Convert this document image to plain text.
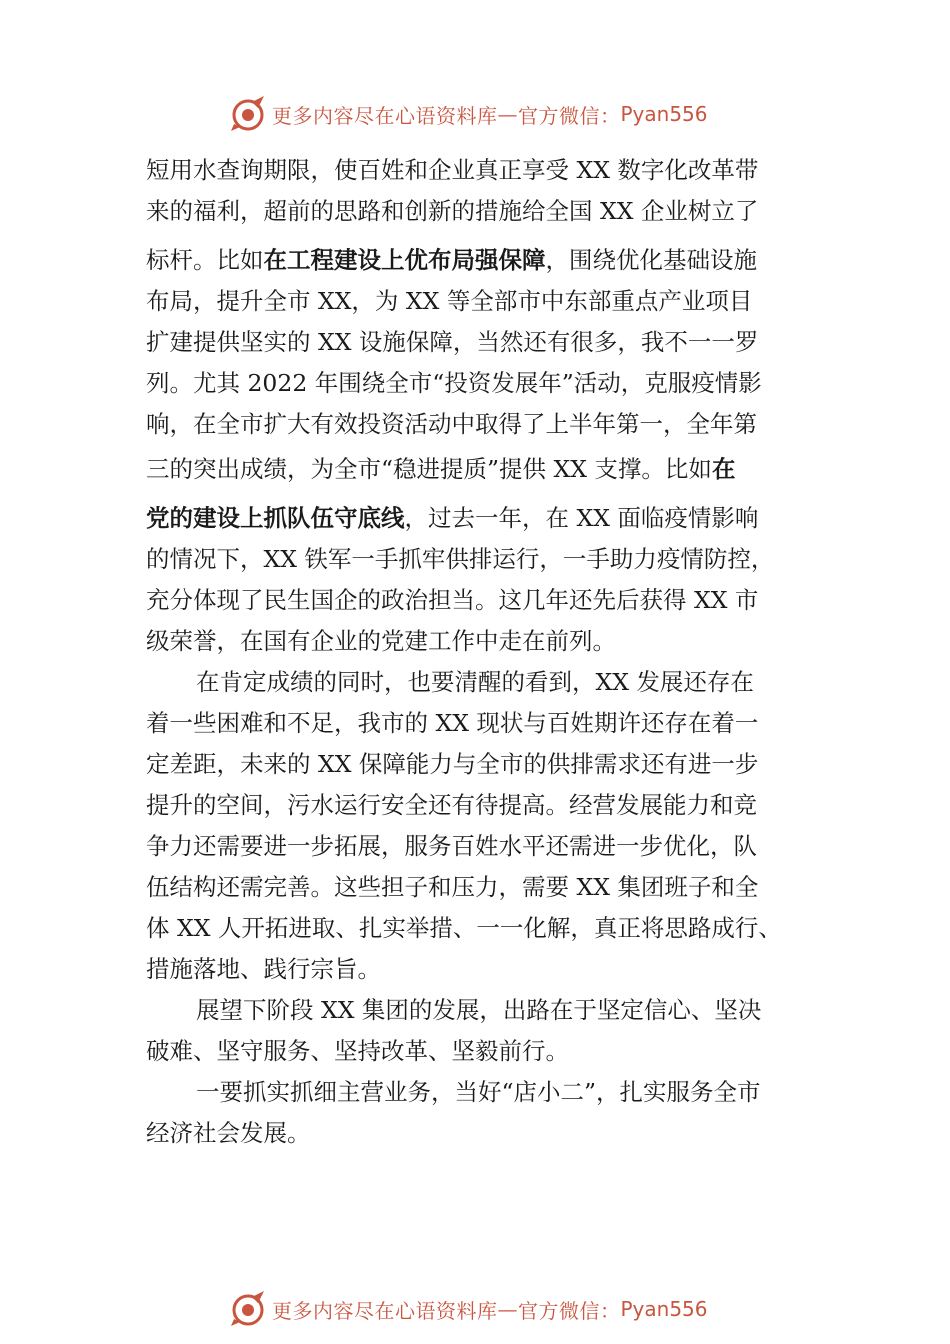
更多内容尽在心语资料库 — 官方微信： Pyan556
短用水查询期限，使百姓和企业真正享受 XX 数字化改革带
来的福利，超前的思路和创新的措施给全国 XX 企业树立了
标杆。比如在工程建设上优布局强保障，围绕优化基础设施
布局，提升全市 XX，为 XX 等全部市中东部重点产业项目
扩建提供坚实的 XX 设施保障，当然还有很多，我不一一罗
列。尤其 2022 年围绕全市“投资发展年”活动，克服疫情影
响，在全市扩大有效投资活动中取得了上半年第一，全年第
三的突出成绩，为全市“稳进提质”提供 XX 支撑。比如在
党的建设上抓队伍守底线，过去一年，在 XX 面临疫情影响
的情况下，XX 铁军一手抓牢供排运行，一手助力疫情防控，
充分体现了民生国企的政治担当。这几年还先后获得 XX 市
级荣誉，在国有企业的党建工作中走在前列。
在肯定成绩的同时，也要清醒的看到，XX 发展还存在
着一些困难和不足，我市的 XX 现状与百姓期许还存在着一
定差距，未来的 XX 保障能力与全市的供排需求还有进一步
提升的空间，污水运行安全还有待提高。经营发展能力和竞
争力还需要进一步拓展，服务百姓水平还需进一步优化，队
伍结构还需完善。这些担子和压力，需要 XX 集团班子和全
体 XX 人开拓进取、扎实举措、一一化解，真正将思路成行、
措施落地、践行宗旨。
展望下阶段 XX 集团的发展，出路在于坚定信心、坚决
破难、坚守服务、坚持改革、坚毅前行。
一要抓实抓细主营业务，当好“店小二”，扎实服务全市
经济社会发展。
更多内容尽在心语资料库 — 官方微信： Pyan556
